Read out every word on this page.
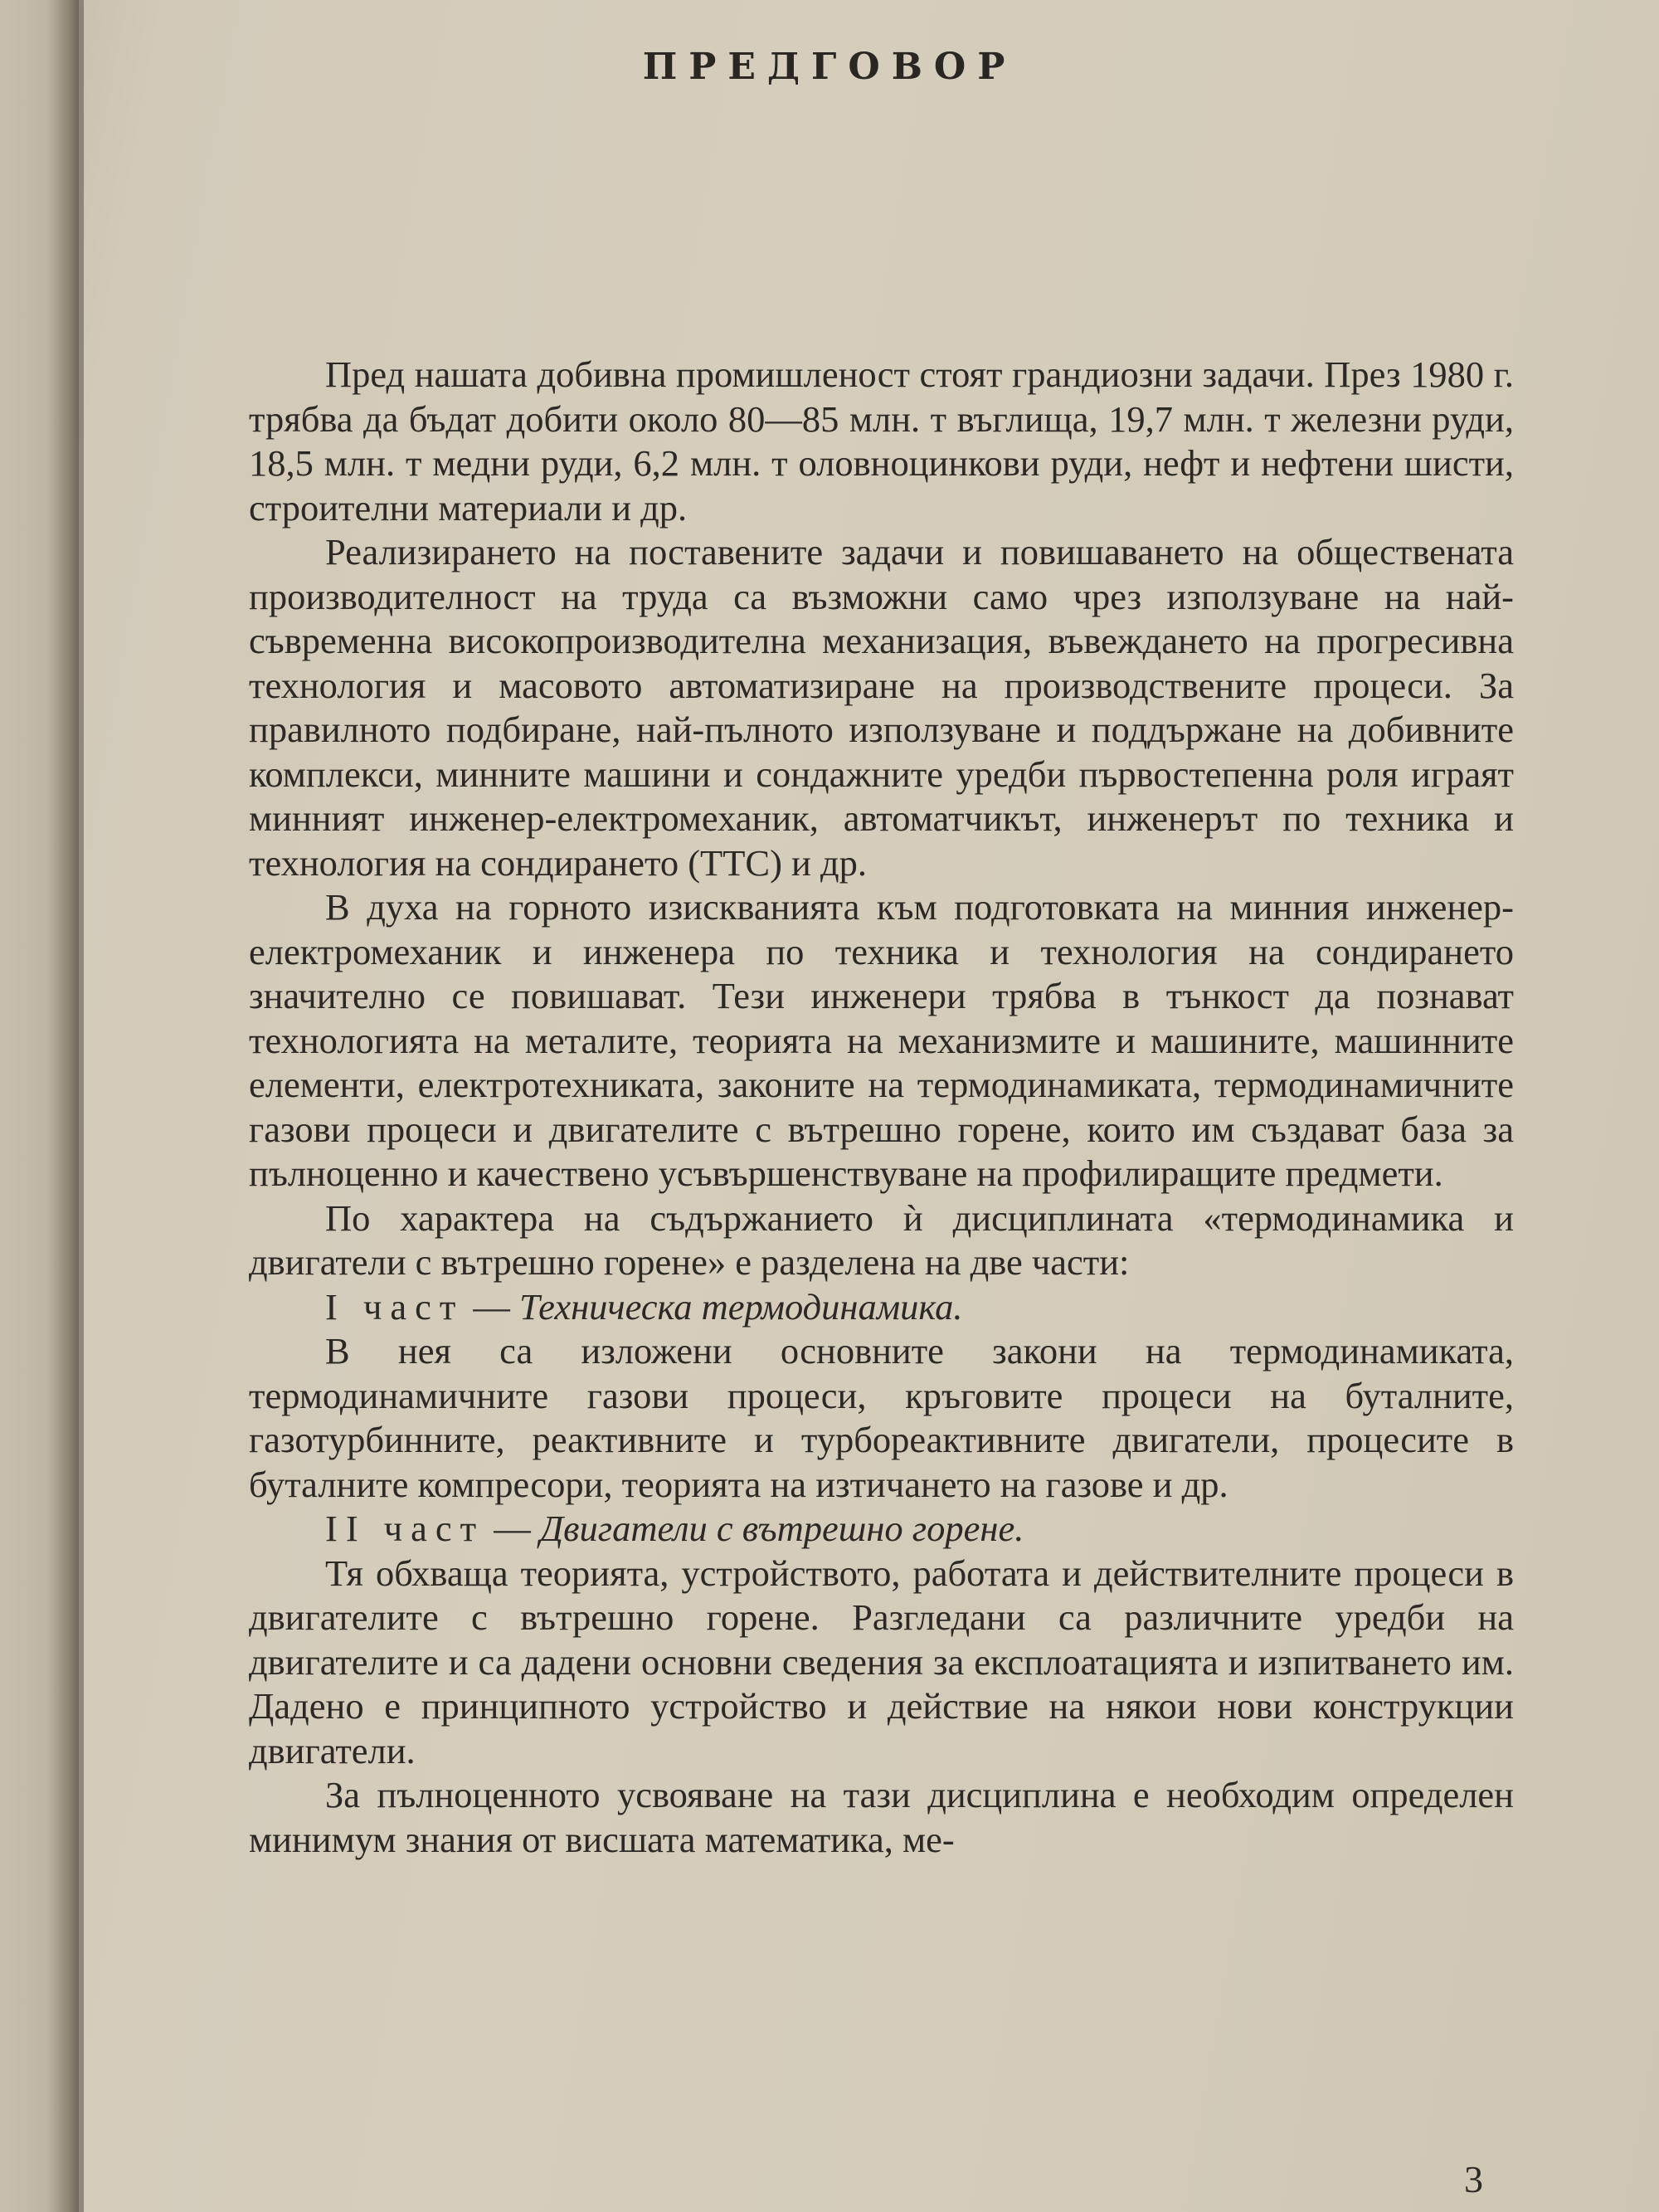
ПРЕДГОВОР

Пред нашата добивна промишленост стоят грандиозни задачи. През 1980 г. трябва да бъдат добити около 80—85 млн. т въглища, 19,7 млн. т железни руди, 18,5 млн. т медни руди, 6,2 млн. т оловноцинкови руди, нефт и нефтени шисти, строителни материали и др.

Реализирането на поставените задачи и повишаването на обществената производителност на труда са възможни само чрез използуване на най-съвременна високопроизводителна механизация, въвеждането на прогресивна технология и масовото автоматизиране на производствените процеси. За правилното подбиране, най-пълното използуване и поддържане на добивните комплекси, минните машини и сондажните уредби първостепенна роля играят минният инженер-електромеханик, автоматчикът, инженерът по техника и технология на сондирането (ТТС) и др.

В духа на горното изискванията към подготовката на минния инженер-електромеханик и инженера по техника и технология на сондирането значително се повишават. Тези инженери трябва в тънкост да познават технологията на металите, теорията на механизмите и машините, машинните елементи, електротехниката, законите на термодинамиката, термодинамичните газови процеси и двигателите с вътрешно горене, които им създават база за пълноценно и качествено усъвършенствуване на профилиращите предмети.

По характера на съдържанието ѝ дисциплината «термодинамика и двигатели с вътрешно горене» е разделена на две части:

I част — Техническа термодинамика.

В нея са изложени основните закони на термодинамиката, термодинамичните газови процеси, кръговите процеси на буталните, газотурбинните, реактивните и турбореактивните двигатели, процесите в буталните компресори, теорията на изтичането на газове и др.

II част — Двигатели с вътрешно горене.

Тя обхваща теорията, устройството, работата и действителните процеси в двигателите с вътрешно горене. Разгледани са различните уредби на двигателите и са дадени основни сведения за експлоатацията и изпитването им. Дадено е принципното устройство и действие на някои нови конструкции двигатели.

За пълноценното усвояване на тази дисциплина е необходим определен минимум знания от висшата математика, ме-

3
